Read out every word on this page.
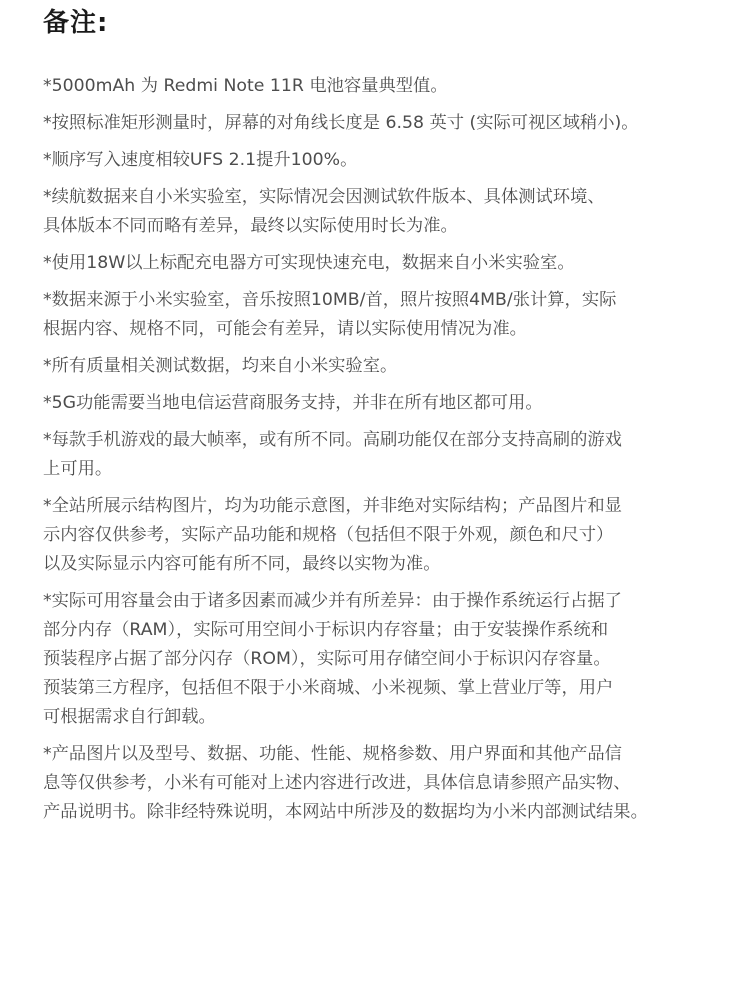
备注:
*5000mAh 为 Redmi Note 11R 电池容量典型值。
*按照标准矩形测量时，屏幕的对角线长度是 6.58 英寸 (实际可视区域稍小)。
*顺序写入速度相较UFS 2.1提升100%。
*续航数据来自小米实验室，实际情况会因测试软件版本、具体测试环境、
具体版本不同而略有差异，最终以实际使用时长为准。
*使用18W以上标配充电器方可实现快速充电，数据来自小米实验室。
*数据来源于小米实验室，音乐按照10MB/首，照片按照4MB/张计算，实际
根据内容、规格不同，可能会有差异，请以实际使用情况为准。
*所有质量相关测试数据，均来自小米实验室。
*5G功能需要当地电信运营商服务支持，并非在所有地区都可用。
*每款手机游戏的最大帧率，或有所不同。高刷功能仅在部分支持高刷的游戏
上可用。
*全站所展示结构图片，均为功能示意图，并非绝对实际结构；产品图片和显
示内容仅供参考，实际产品功能和规格（包括但不限于外观，颜色和尺寸）
以及实际显示内容可能有所不同，最终以实物为准。
*实际可用容量会由于诸多因素而减少并有所差异：由于操作系统运行占据了
部分内存（RAM），实际可用空间小于标识内存容量；由于安装操作系统和
预装程序占据了部分闪存（ROM），实际可用存储空间小于标识闪存容量。
预装第三方程序，包括但不限于小米商城、小米视频、掌上营业厅等，用户
可根据需求自行卸载。
*产品图片以及型号、数据、功能、性能、规格参数、用户界面和其他产品信
息等仅供参考，小米有可能对上述内容进行改进，具体信息请参照产品实物、
产品说明书。除非经特殊说明，本网站中所涉及的数据均为小米内部测试结果。
